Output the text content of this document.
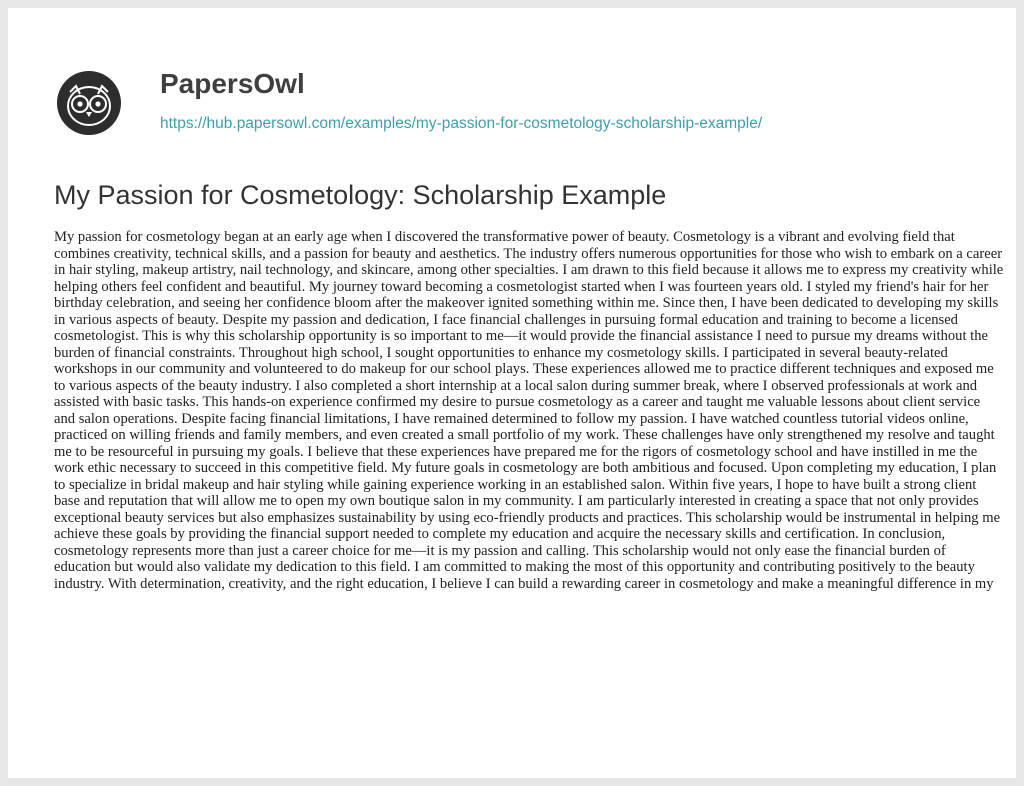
PapersOwl
https://hub.papersowl.com/examples/my-passion-for-cosmetology-scholarship-example/
My Passion for Cosmetology: Scholarship Example

My passion for cosmetology began at an early age when I discovered the transformative power of beauty. Cosmetology is a vibrant and evolving field that combines creativity, technical skills, and a passion for beauty and aesthetics. The industry offers numerous opportunities for those who wish to embark on a career in hair styling, makeup artistry, nail technology, and skincare, among other specialties. I am drawn to this field because it allows me to express my creativity while helping others feel confident and beautiful. My journey toward becoming a cosmetologist started when I was fourteen years old. I styled my friend's hair for her birthday celebration, and seeing her confidence bloom after the makeover ignited something within me. Since then, I have been dedicated to developing my skills in various aspects of beauty. Despite my passion and dedication, I face financial challenges in pursuing formal education and training to become a licensed cosmetologist. This is why this scholarship opportunity is so important to me—it would provide the financial assistance I need to pursue my dreams without the burden of financial constraints. Throughout high school, I sought opportunities to enhance my cosmetology skills. I participated in several beauty-related workshops in our community and volunteered to do makeup for our school plays. These experiences allowed me to practice different techniques and exposed me to various aspects of the beauty industry. I also completed a short internship at a local salon during summer break, where I observed professionals at work and assisted with basic tasks. This hands-on experience confirmed my desire to pursue cosmetology as a career and taught me valuable lessons about client service and salon operations. Despite facing financial limitations, I have remained determined to follow my passion. I have watched countless tutorial videos online, practiced on willing friends and family members, and even created a small portfolio of my work. These challenges have only strengthened my resolve and taught me to be resourceful in pursuing my goals. I believe that these experiences have prepared me for the rigors of cosmetology school and have instilled in me the work ethic necessary to succeed in this competitive field. My future goals in cosmetology are both ambitious and focused. Upon completing my education, I plan to specialize in bridal makeup and hair styling while gaining experience working in an established salon. Within five years, I hope to have built a strong client base and reputation that will allow me to open my own boutique salon in my community. I am particularly interested in creating a space that not only provides exceptional beauty services but also emphasizes sustainability by using eco-friendly products and practices. This scholarship would be instrumental in helping me achieve these goals by providing the financial support needed to complete my education and acquire the necessary skills and certification. In conclusion, cosmetology represents more than just a career choice for me—it is my passion and calling. This scholarship would not only ease the financial burden of education but would also validate my dedication to this field. I am committed to making the most of this opportunity and contributing positively to the beauty industry. With determination, creativity, and the right education, I believe I can build a rewarding career in cosmetology and make a meaningful difference in my
